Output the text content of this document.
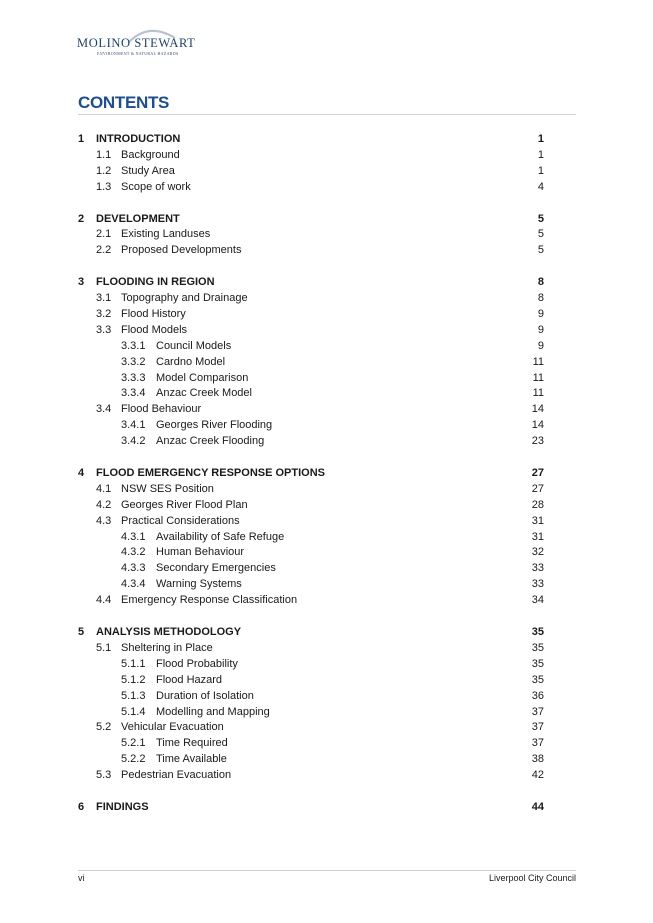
MOLINO STEWART
ENVIRONMENT & NATURAL HAZARDS
CONTENTS
1 INTRODUCTION	1
1.1 Background	1
1.2 Study Area	1
1.3 Scope of work	4
2 DEVELOPMENT	5
2.1 Existing Landuses	5
2.2 Proposed Developments	5
3 FLOODING IN REGION	8
3.1 Topography and Drainage	8
3.2 Flood History	9
3.3 Flood Models	9
3.3.1 Council Models	9
3.3.2 Cardno Model	11
3.3.3 Model Comparison	11
3.3.4 Anzac Creek Model	11
3.4 Flood Behaviour	14
3.4.1 Georges River Flooding	14
3.4.2 Anzac Creek Flooding	23
4 FLOOD EMERGENCY RESPONSE OPTIONS	27
4.1 NSW SES Position	27
4.2 Georges River Flood Plan	28
4.3 Practical Considerations	31
4.3.1 Availability of Safe Refuge	31
4.3.2 Human Behaviour	32
4.3.3 Secondary Emergencies	33
4.3.4 Warning Systems	33
4.4 Emergency Response Classification	34
5 ANALYSIS METHODOLOGY	35
5.1 Sheltering in Place	35
5.1.1 Flood Probability	35
5.1.2 Flood Hazard	35
5.1.3 Duration of Isolation	36
5.1.4 Modelling and Mapping	37
5.2 Vehicular Evacuation	37
5.2.1 Time Required	37
5.2.2 Time Available	38
5.3 Pedestrian Evacuation	42
6 FINDINGS	44
vi	Liverpool City Council
